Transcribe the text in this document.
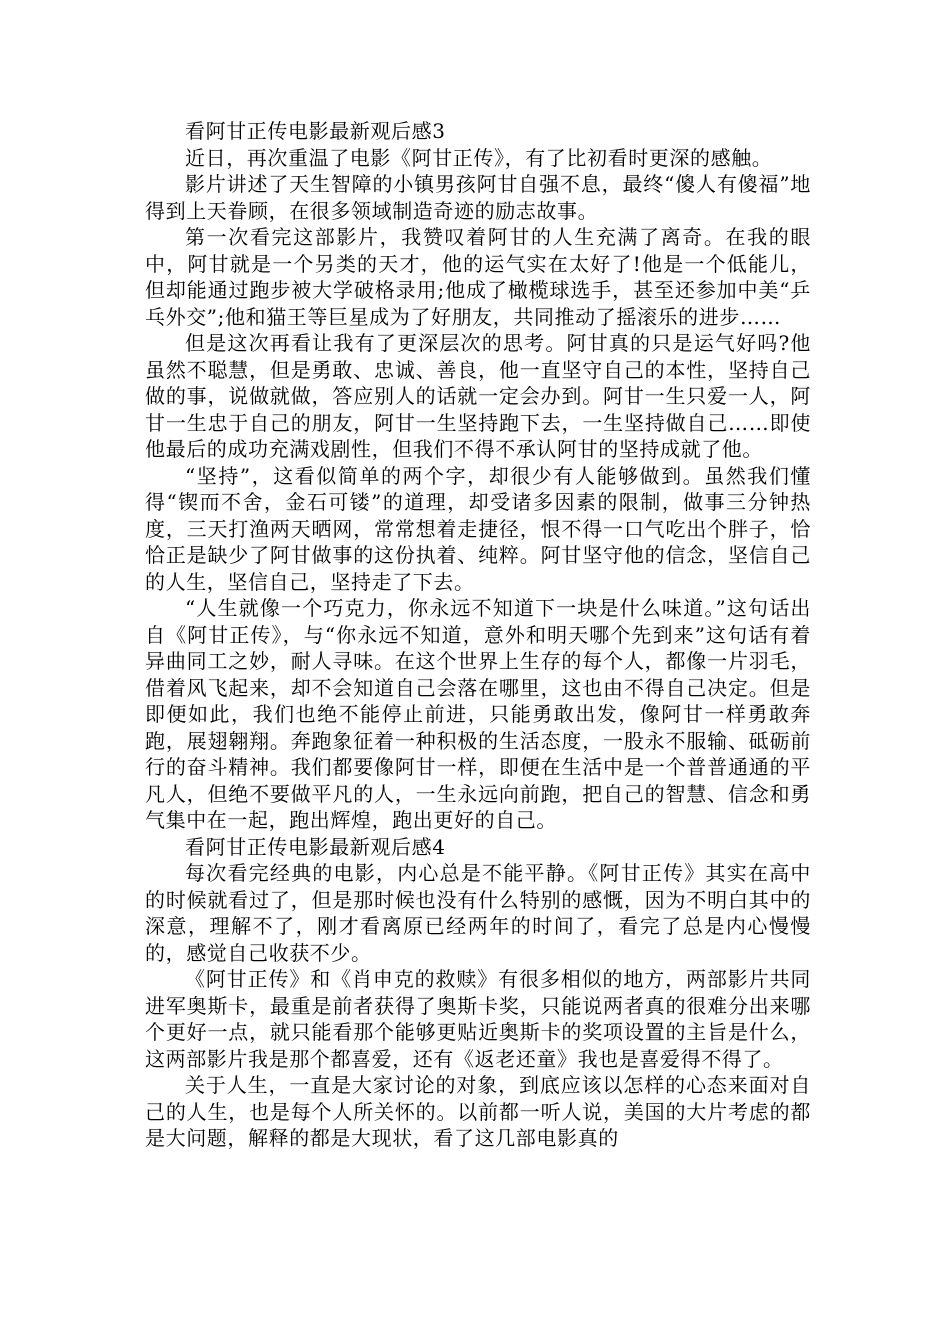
看阿甘正传电影最新观后感3

近日，再次重温了电影《阿甘正传》，有了比初看时更深的感触。

影片讲述了天生智障的小镇男孩阿甘自强不息，最终“傻人有傻福”地得到上天眷顾，在很多领域制造奇迹的励志故事。

第一次看完这部影片，我赞叹着阿甘的人生充满了离奇。在我的眼中，阿甘就是一个另类的天才，他的运气实在太好了!他是一个低能儿，但却能通过跑步被大学破格录用;他成了橄榄球选手，甚至还参加中美“乒乓外交”;他和猫王等巨星成为了好朋友，共同推动了摇滚乐的进步……

但是这次再看让我有了更深层次的思考。阿甘真的只是运气好吗?他虽然不聪慧，但是勇敢、忠诚、善良，他一直坚守自己的本性，坚持自己做的事，说做就做，答应别人的话就一定会办到。阿甘一生只爱一人，阿甘一生忠于自己的朋友，阿甘一生坚持跑下去，一生坚持做自己……即使他最后的成功充满戏剧性，但我们不得不承认阿甘的坚持成就了他。

“坚持”，这看似简单的两个字，却很少有人能够做到。虽然我们懂得“锲而不舍，金石可镂”的道理，却受诸多因素的限制，做事三分钟热度，三天打渔两天晒网，常常想着走捷径，恨不得一口气吃出个胖子，恰恰正是缺少了阿甘做事的这份执着、纯粹。阿甘坚守他的信念，坚信自己的人生，坚信自己，坚持走了下去。

“人生就像一个巧克力，你永远不知道下一块是什么味道。”这句话出自《阿甘正传》，与“你永远不知道，意外和明天哪个先到来”这句话有着异曲同工之妙，耐人寻味。在这个世界上生存的每个人，都像一片羽毛，借着风飞起来，却不会知道自己会落在哪里，这也由不得自己决定。但是即便如此，我们也绝不能停止前进，只能勇敢出发，像阿甘一样勇敢奔跑，展翅翱翔。奔跑象征着一种积极的生活态度，一股永不服输、砥砺前行的奋斗精神。我们都要像阿甘一样，即便在生活中是一个普普通通的平凡人，但绝不要做平凡的人，一生永远向前跑，把自己的智慧、信念和勇气集中在一起，跑出辉煌，跑出更好的自己。

看阿甘正传电影最新观后感4

每次看完经典的电影，内心总是不能平静。《阿甘正传》其实在高中的时候就看过了，但是那时候也没有什么特别的感慨，因为不明白其中的深意，理解不了，刚才看离原已经两年的时间了，看完了总是内心慢慢的，感觉自己收获不少。

《阿甘正传》和《肖申克的救赎》有很多相似的地方，两部影片共同进军奥斯卡，最重是前者获得了奥斯卡奖，只能说两者真的很难分出来哪个更好一点，就只能看那个能够更贴近奥斯卡的奖项设置的主旨是什么，这两部影片我是那个都喜爱，还有《返老还童》我也是喜爱得不得了。

关于人生，一直是大家讨论的对象，到底应该以怎样的心态来面对自己的人生，也是每个人所关怀的。以前都一听人说，美国的大片考虑的都是大问题，解释的都是大现状，看了这几部电影真的
